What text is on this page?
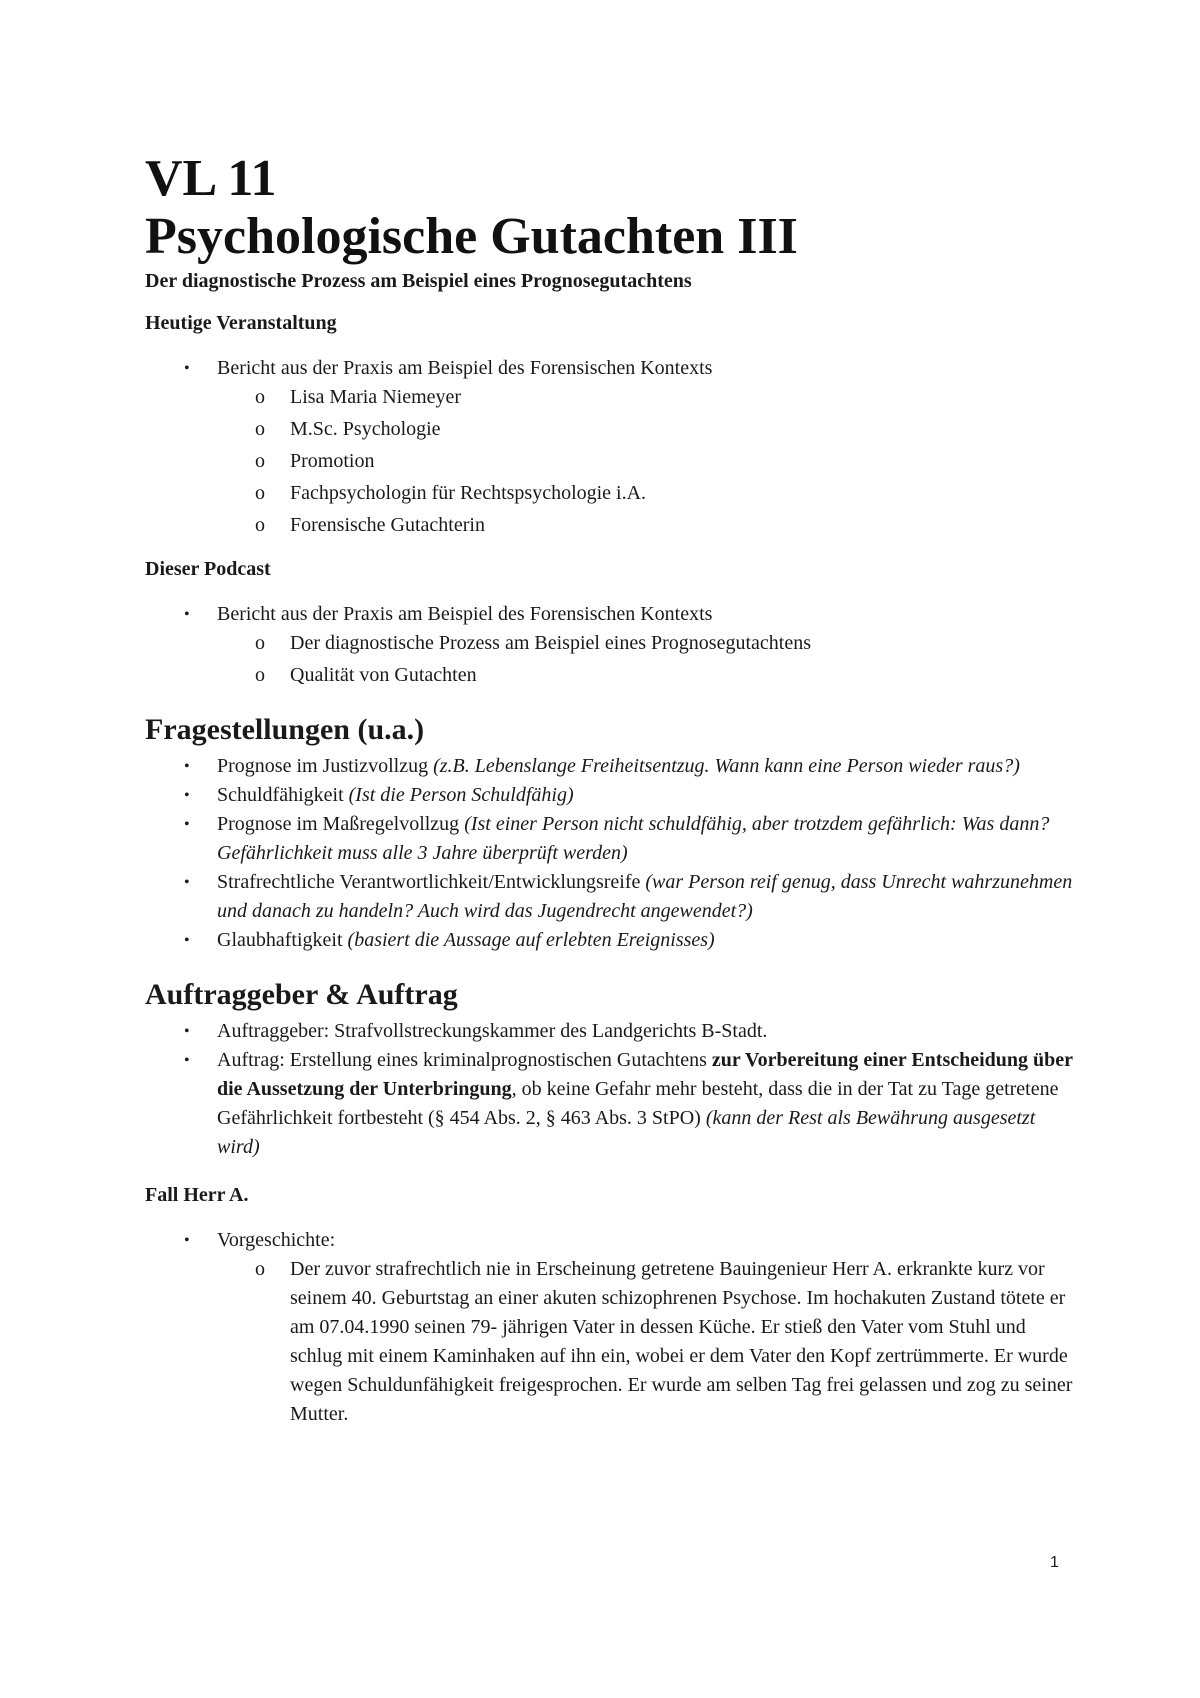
VL 11
Psychologische Gutachten III

Der diagnostische Prozess am Beispiel eines Prognosegutachtens

Heutige Veranstaltung

• Bericht aus der Praxis am Beispiel des Forensischen Kontexts
o Lisa Maria Niemeyer
o M.Sc. Psychologie
o Promotion
o Fachpsychologin für Rechtspsychologie i.A.
o Forensische Gutachterin

Dieser Podcast

• Bericht aus der Praxis am Beispiel des Forensischen Kontexts
o Der diagnostische Prozess am Beispiel eines Prognosegutachtens
o Qualität von Gutachten
Fragestellungen (u.a.)
• Prognose im Justizvollzug (z.B. Lebenslange Freiheitsentzug. Wann kann eine Person wieder raus?)
• Schuldfähigkeit (Ist die Person Schuldfähig)
• Prognose im Maßregelvollzug (Ist einer Person nicht schuldfähig, aber trotzdem gefährlich: Was dann? Gefährlichkeit muss alle 3 Jahre überprüft werden)
• Strafrechtliche Verantwortlichkeit/Entwicklungsreife (war Person reif genug, dass Unrecht wahrzunehmen und danach zu handeln? Auch wird das Jugendrecht angewendet?)
• Glaubhaftigkeit (basiert die Aussage auf erlebten Ereignisses)
Auftraggeber & Auftrag
• Auftraggeber: Strafvollstreckungskammer des Landgerichts B-Stadt.
• Auftrag: Erstellung eines kriminalprognostischen Gutachtens zur Vorbereitung einer Entscheidung über die Aussetzung der Unterbringung, ob keine Gefahr mehr besteht, dass die in der Tat zu Tage getretene Gefährlichkeit fortbesteht (§ 454 Abs. 2, § 463 Abs. 3 StPO) (kann der Rest als Bewährung ausgesetzt wird)

Fall Herr A.

• Vorgeschichte:
o Der zuvor strafrechtlich nie in Erscheinung getretene Bauingenieur Herr A. erkrankte kurz vor seinem 40. Geburtstag an einer akuten schizophrenen Psychose. Im hochakuten Zustand tötete er am 07.04.1990 seinen 79- jährigen Vater in dessen Küche. Er stieß den Vater vom Stuhl und schlug mit einem Kaminhaken auf ihn ein, wobei er dem Vater den Kopf zertrümmerte. Er wurde wegen Schuldunfähigkeit freigesprochen. Er wurde am selben Tag frei gelassen und zog zu seiner Mutter.
1
